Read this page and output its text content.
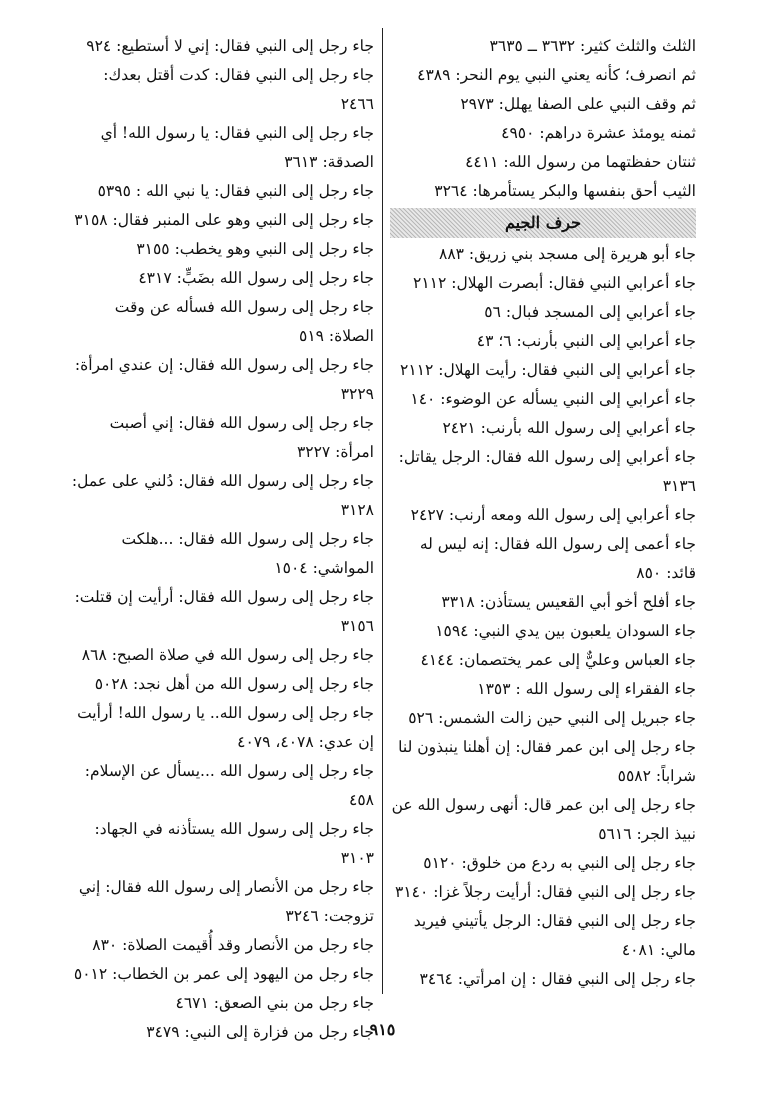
الثلث والثلث كثير: ٣٦٣٢ ــ ٣٦٣٥

ثم انصرف؛ كأنه يعني النبي يوم النحر: ٤٣٨٩

ثم وقف النبي على الصفا يهلل: ٢٩٧٣

ثمنه يومئذ عشرة دراهم: ٤٩٥٠

ثنتان حفظتهما من رسول الله: ٤٤١١

الثيب أحق بنفسها والبكر يستأمرها: ٣٢٦٤

حرف الجيم

جاء أبو هريرة إلى مسجد بني زريق: ٨٨٣

جاء أعرابي النبي فقال: أبصرت الهلال: ٢١١٢

جاء أعرابي إلى المسجد فبال: ٥٦

جاء أعرابي إلى النبي بأرنب: ٦؛ ٤٣

جاء أعرابي إلى النبي فقال: رأيت الهلال: ٢١١٢

جاء أعرابي إلى النبي يسأله عن الوضوء: ١٤٠

جاء أعرابي إلى رسول الله بأرنب: ٢٤٢١

جاء أعرابي إلى رسول الله فقال: الرجل يقاتل: ٣١٣٦

جاء أعرابي إلى رسول الله ومعه أرنب: ٢٤٢٧

جاء أعمى إلى رسول الله فقال: إنه ليس له قائد: ٨٥٠

جاء أفلح أخو أبي القعيس يستأذن: ٣٣١٨

جاء السودان يلعبون بين يدي النبي: ١٥٩٤

جاء العباس وعليٌّ إلى عمر يختصمان: ٤١٤٤

جاء الفقراء إلى رسول الله : ١٣٥٣

جاء جبريل إلى النبي حين زالت الشمس: ٥٢٦

جاء رجل إلى ابن عمر فقال: إن أهلنا ينبذون لنا شراباً: ٥٥٨٢

جاء رجل إلى ابن عمر قال: أنهى رسول الله عن نبيذ الجر: ٥٦١٦

جاء رجل إلى النبي به ردع من خلوق: ٥١٢٠

جاء رجل إلى النبي فقال: أرأيت رجلاً غزا: ٣١٤٠

جاء رجل إلى النبي فقال: الرجل يأتيني فيريد مالي: ٤٠٨١

جاء رجل إلى النبي فقال : إن امرأتي: ٣٤٦٤

جاء رجل إلى النبي فقال: إني لا أستطيع: ٩٢٤

جاء رجل إلى النبي فقال: كدت أقتل بعدك: ٢٤٦٦

جاء رجل إلى النبي فقال: يا رسول الله! أي الصدقة: ٣٦١٣

جاء رجل إلى النبي فقال: يا نبي الله : ٥٣٩٥

جاء رجل إلى النبي وهو على المنبر فقال: ٣١٥٨

جاء رجل إلى النبي وهو يخطب: ٣١٥٥

جاء رجل إلى رسول الله بضَبٍّ: ٤٣١٧

جاء رجل إلى رسول الله فسأله عن وقت الصلاة: ٥١٩

جاء رجل إلى رسول الله فقال: إن عندي امرأة: ٣٢٢٩

جاء رجل إلى رسول الله فقال: إني أصبت امرأة: ٣٢٢٧

جاء رجل إلى رسول الله فقال: دُلني على عمل: ٣١٢٨

جاء رجل إلى رسول الله فقال: ...هلكت المواشي: ١٥٠٤

جاء رجل إلى رسول الله فقال: أرأيت إن قتلت: ٣١٥٦

جاء رجل إلى رسول الله في صلاة الصبح: ٨٦٨

جاء رجل إلى رسول الله من أهل نجد: ٥٠٢٨

جاء رجل إلى رسول الله.. يا رسول الله! أرأيت إن عدي: ٤٠٧٨، ٤٠٧٩

جاء رجل إلى رسول الله ...يسأل عن الإسلام: ٤٥٨

جاء رجل إلى رسول الله يستأذنه في الجهاد: ٣١٠٣

جاء رجل من الأنصار إلى رسول الله فقال: إني تزوجت: ٣٢٤٦

جاء رجل من الأنصار وقد أُقيمت الصلاة: ٨٣٠

جاء رجل من اليهود إلى عمر بن الخطاب: ٥٠١٢

جاء رجل من بني الصعق: ٤٦٧١

جاء رجل من فزارة إلى النبي: ٣٤٧٩

٩١٥
